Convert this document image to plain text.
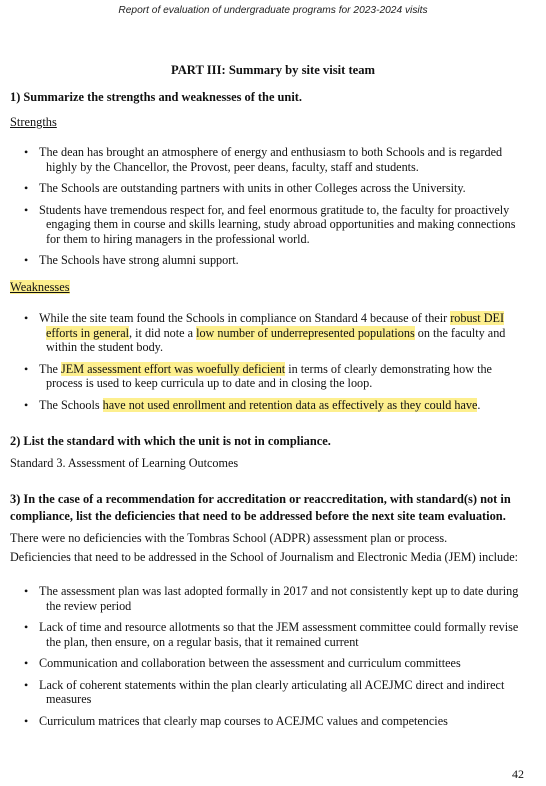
Report of evaluation of undergraduate programs for 2023-2024 visits
PART III: Summary by site visit team
1) Summarize the strengths and weaknesses of the unit.
Strengths
• The dean has brought an atmosphere of energy and enthusiasm to both Schools and is regarded highly by the Chancellor, the Provost, peer deans, faculty, staff and students.
• The Schools are outstanding partners with units in other Colleges across the University.
• Students have tremendous respect for, and feel enormous gratitude to, the faculty for proactively engaging them in course and skills learning, study abroad opportunities and making connections for them to hiring managers in the professional world.
• The Schools have strong alumni support.
Weaknesses
• While the site team found the Schools in compliance on Standard 4 because of their robust DEI efforts in general, it did note a low number of underrepresented populations on the faculty and within the student body.
• The JEM assessment effort was woefully deficient in terms of clearly demonstrating how the process is used to keep curricula up to date and in closing the loop.
• The Schools have not used enrollment and retention data as effectively as they could have.
2) List the standard with which the unit is not in compliance.
Standard 3. Assessment of Learning Outcomes
3) In the case of a recommendation for accreditation or reaccreditation, with standard(s) not in compliance, list the deficiencies that need to be addressed before the next site team evaluation.
There were no deficiencies with the Tombras School (ADPR) assessment plan or process.
Deficiencies that need to be addressed in the School of Journalism and Electronic Media (JEM) include:
• The assessment plan was last adopted formally in 2017 and not consistently kept up to date during the review period
• Lack of time and resource allotments so that the JEM assessment committee could formally revise the plan, then ensure, on a regular basis, that it remained current
• Communication and collaboration between the assessment and curriculum committees
• Lack of coherent statements within the plan clearly articulating all ACEJMC direct and indirect measures
• Curriculum matrices that clearly map courses to ACEJMC values and competencies
42
